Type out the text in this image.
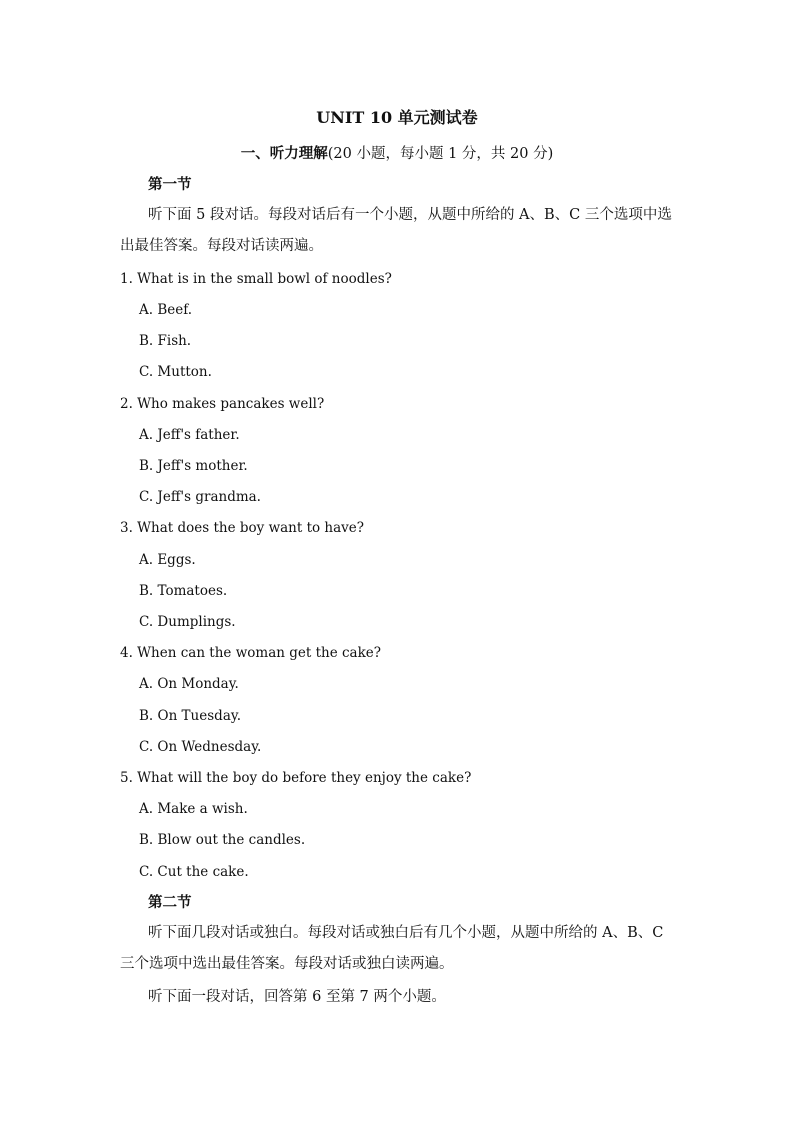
UNIT 10 单元测试卷
一、听力理解(20 小题，每小题 1 分，共 20 分)
第一节
听下面 5 段对话。每段对话后有一个小题，从题中所给的 A、B、C 三个选项中选出最佳答案。每段对话读两遍。
1. What is in the small bowl of noodles?
A. Beef.
B. Fish.
C. Mutton.
2. Who makes pancakes well?
A. Jeff's father.
B. Jeff's mother.
C. Jeff's grandma.
3. What does the boy want to have?
A. Eggs.
B. Tomatoes.
C. Dumplings.
4. When can the woman get the cake?
A. On Monday.
B. On Tuesday.
C. On Wednesday.
5. What will the boy do before they enjoy the cake?
A. Make a wish.
B. Blow out the candles.
C. Cut the cake.
第二节
听下面几段对话或独白。每段对话或独白后有几个小题，从题中所给的 A、B、C 三个选项中选出最佳答案。每段对话或独白读两遍。
听下面一段对话，回答第 6 至第 7 两个小题。
